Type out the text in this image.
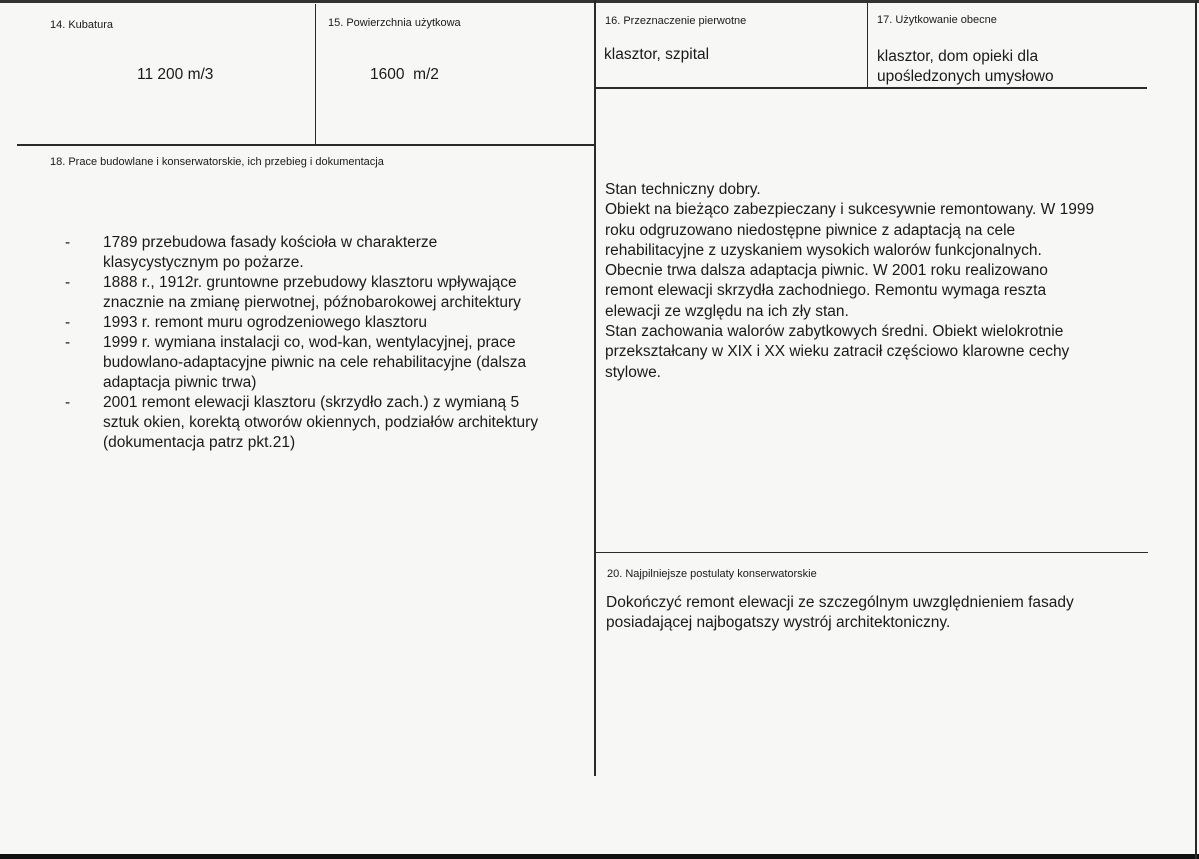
14. Kubatura
11 200 m/3
15. Powierzchnia użytkowa
1600  m/2
16. Przeznaczenie pierwotne
klasztor, szpital
17. Użytkowanie obecne
klasztor, dom opieki dla
upośledzonych umysłowo
18. Prace budowlane i konserwatorskie, ich przebieg i dokumentacja
- 1789 przebudowa fasady kościoła w charakterze
klasycystycznym po pożarze.
- 1888 r., 1912r. gruntowne przebudowy klasztoru wpływające
znacznie na zmianę pierwotnej, późnobarokowej architektury
- 1993 r. remont muru ogrodzeniowego klasztoru
- 1999 r. wymiana instalacji co, wod-kan, wentylacyjnej, prace
budowlano-adaptacyjne piwnic na cele rehabilitacyjne (dalsza
adaptacja piwnic trwa)
- 2001 remont elewacji klasztoru (skrzydło zach.) z wymianą 5
sztuk okien, korektą otworów okiennych, podziałów architektury
(dokumentacja patrz pkt.21)
Stan techniczny dobry.
Obiekt na bieżąco zabezpieczany i sukcesywnie remontowany. W 1999
roku odgruzowano niedostępne piwnice z adaptacją na cele
rehabilitacyjne z uzyskaniem wysokich walorów funkcjonalnych.
Obecnie trwa dalsza adaptacja piwnic. W 2001 roku realizowano
remont elewacji skrzydła zachodniego. Remontu wymaga reszta
elewacji ze względu na ich zły stan.
Stan zachowania walorów zabytkowych średni. Obiekt wielokrotnie
przekształcany w XIX i XX wieku zatracił częściowo klarowne cechy
stylowe.
20. Najpilniejsze postulaty konserwatorskie
Dokończyć remont elewacji ze szczególnym uwzględnieniem fasady
posiadającej najbogatszy wystrój architektoniczny.
